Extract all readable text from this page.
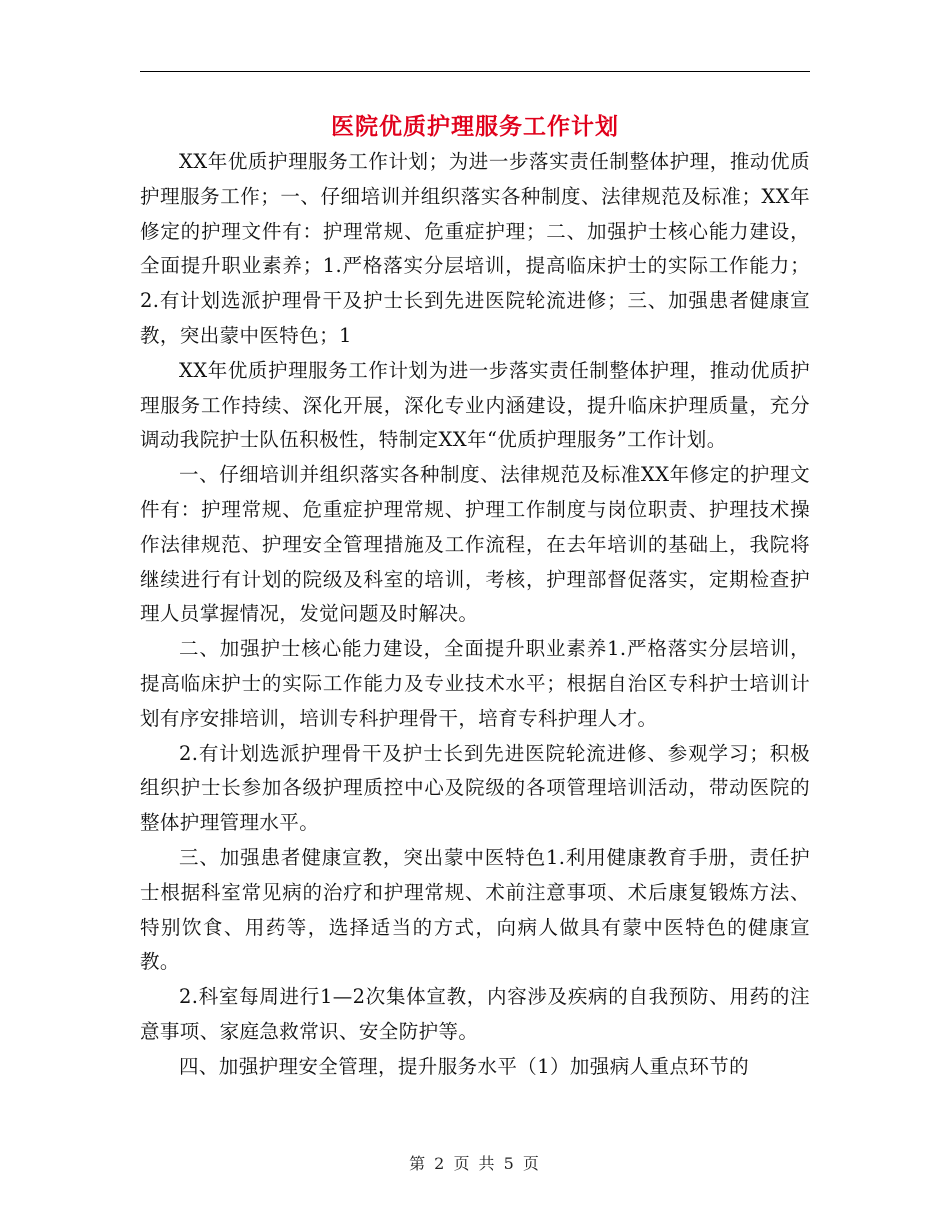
医院优质护理服务工作计划

XX年优质护理服务工作计划；为进一步落实责任制整体护理，推动优质护理服务工作；一、仔细培训并组织落实各种制度、法律规范及标准；XX年修定的护理文件有：护理常规、危重症护理；二、加强护士核心能力建设，全面提升职业素养；1.严格落实分层培训，提高临床护士的实际工作能力；2.有计划选派护理骨干及护士长到先进医院轮流进修；三、加强患者健康宣教，突出蒙中医特色；1

XX年优质护理服务工作计划为进一步落实责任制整体护理，推动优质护理服务工作持续、深化开展，深化专业内涵建设，提升临床护理质量，充分调动我院护士队伍积极性，特制定XX年“优质护理服务”工作计划。

一、仔细培训并组织落实各种制度、法律规范及标准XX年修定的护理文件有：护理常规、危重症护理常规、护理工作制度与岗位职责、护理技术操作法律规范、护理安全管理措施及工作流程，在去年培训的基础上，我院将继续进行有计划的院级及科室的培训，考核，护理部督促落实，定期检查护理人员掌握情况，发觉问题及时解决。

二、加强护士核心能力建设，全面提升职业素养1.严格落实分层培训，提高临床护士的实际工作能力及专业技术水平；根据自治区专科护士培训计划有序安排培训，培训专科护理骨干，培育专科护理人才。

2.有计划选派护理骨干及护士长到先进医院轮流进修、参观学习；积极组织护士长参加各级护理质控中心及院级的各项管理培训活动，带动医院的整体护理管理水平。

三、加强患者健康宣教，突出蒙中医特色1.利用健康教育手册，责任护士根据科室常见病的治疗和护理常规、术前注意事项、术后康复锻炼方法、特别饮食、用药等，选择适当的方式，向病人做具有蒙中医特色的健康宣教。

2.科室每周进行1—2次集体宣教，内容涉及疾病的自我预防、用药的注意事项、家庭急救常识、安全防护等。

四、加强护理安全管理，提升服务水平（1）加强病人重点环节的

第 2 页 共 5 页
